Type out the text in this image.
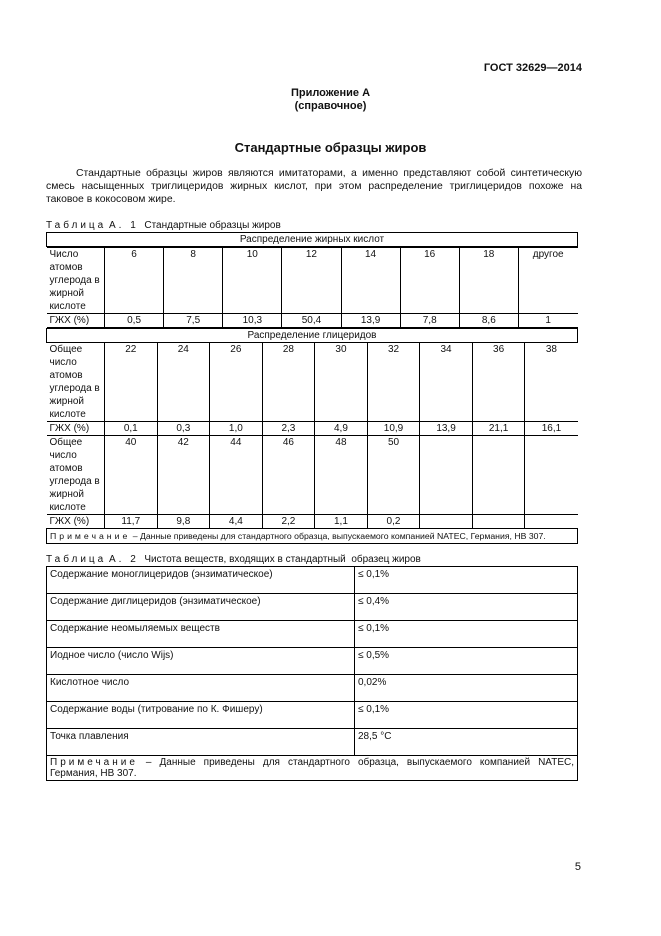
ГОСТ 32629—2014
Приложение А
(справочное)
Стандартные образцы жиров

Стандартные образцы жиров являются имитаторами, а именно представляют собой синтетическую смесь насыщенных триглицеридов жирных кислот, при этом распределение триглицеридов похоже на таковое в кокосовом жире.

Таблица А. 1 Стандартные образцы жиров
Распределение жирных кислот

Число атомов углерода в жирной кислоте	6	8	10	12	14	16	18	другое
ГЖХ (%)	0,5	7,5	10,3	50,4	13,9	7,8	8,6	1

Распределение глицеридов

Общее число атомов углерода в жирной кислоте	22	24	26	28	30	32	34	36	38
ГЖХ (%)	0,1	0,3	1,0	2,3	4,9	10,9	13,9	21,1	16,1
Общее число атомов углерода в жирной кислоте	40	42	44	46	48	50			
ГЖХ (%)	11,7	9,8	4,4	2,2	1,1	0,2			

Примечание – Данные приведены для стандартного образца, выпускаемого компанией NATEC, Германия, НВ 307.
Таблица А. 2 Чистота веществ, входящих в стандартный  образец жиров
Содержание моноглицеридов (энзиматическое)	≤ 0,1%
Содержание диглицеридов (энзиматическое)	≤ 0,4%
Содержание неомыляемых веществ	≤ 0,1%
Иодное число (число Wijs)	≤ 0,5%
Кислотное число	0,02%
Содержание воды (титрование по К. Фишеру)	≤ 0,1%
Точка плавления	28,5 °С
Примечание – Данные приведены для стандартного образца, выпускаемого компанией NATEC, Германия, НВ 307.	
5
